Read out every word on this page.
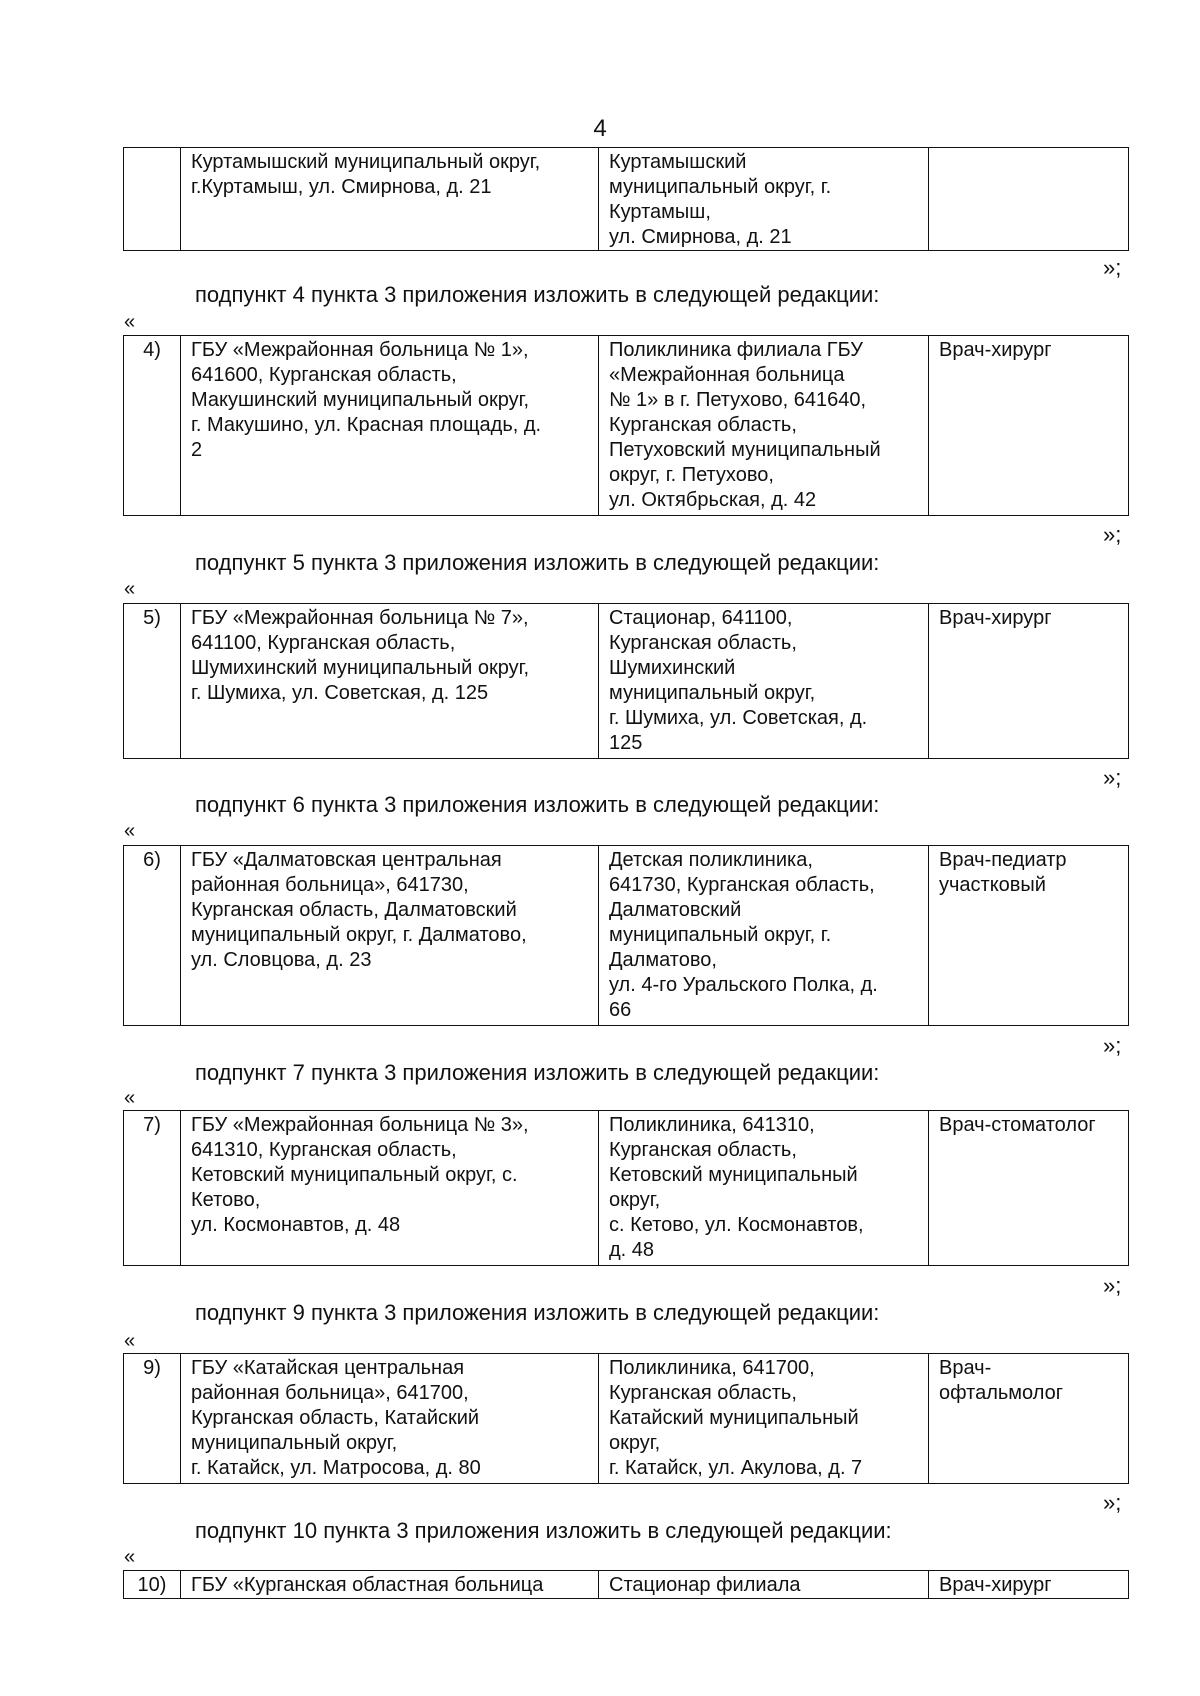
4
	Куртамышский муниципальный округ,
г.Куртамыш, ул. Смирнова, д. 21	Куртамышский
муниципальный округ, г.
Куртамыш,
ул. Смирнова, д. 21	
»;
подпункт 4 пункта 3 приложения изложить в следующей редакции:
«
4)	ГБУ «Межрайонная больница № 1»,
641600, Курганская область,
Макушинский муниципальный округ,
г. Макушино, ул. Красная площадь, д.
2	Поликлиника филиала ГБУ
«Межрайонная больница
№ 1» в г. Петухово, 641640,
Курганская область,
Петуховский муниципальный
округ, г. Петухово,
ул. Октябрьская, д. 42	Врач-хирург
»;
подпункт 5 пункта 3 приложения изложить в следующей редакции:
«
5)	ГБУ «Межрайонная больница № 7»,
641100, Курганская область,
Шумихинский муниципальный округ,
г. Шумиха, ул. Советская, д. 125	Стационар, 641100,
Курганская область,
Шумихинский
муниципальный округ,
г. Шумиха, ул. Советская, д.
125	Врач-хирург
»;
подпункт 6 пункта 3 приложения изложить в следующей редакции:
«
6)	ГБУ «Далматовская центральная
районная больница», 641730,
Курганская область, Далматовский
муниципальный округ, г. Далматово,
ул. Словцова, д. 23	Детская поликлиника,
641730, Курганская область,
Далматовский
муниципальный округ, г.
Далматово,
ул. 4-го Уральского Полка, д.
66	Врач-педиатр
участковый
»;
подпункт 7 пункта 3 приложения изложить в следующей редакции:
«
7)	ГБУ «Межрайонная больница № 3»,
641310, Курганская область,
Кетовский муниципальный округ, с.
Кетово,
ул. Космонавтов, д. 48	Поликлиника, 641310,
Курганская область,
Кетовский муниципальный
округ,
с. Кетово, ул. Космонавтов,
д. 48	Врач-стоматолог
»;
подпункт 9 пункта 3 приложения изложить в следующей редакции:
«
9)	ГБУ «Катайская центральная
районная больница», 641700,
Курганская область, Катайский
муниципальный округ,
г. Катайск, ул. Матросова, д. 80	Поликлиника, 641700,
Курганская область,
Катайский муниципальный
округ,
г. Катайск, ул. Акулова, д. 7	Врач-
офтальмолог
»;
подпункт 10 пункта 3 приложения изложить в следующей редакции:
«
10)	ГБУ «Курганская областная больница	Стационар филиала	Врач-хирург
